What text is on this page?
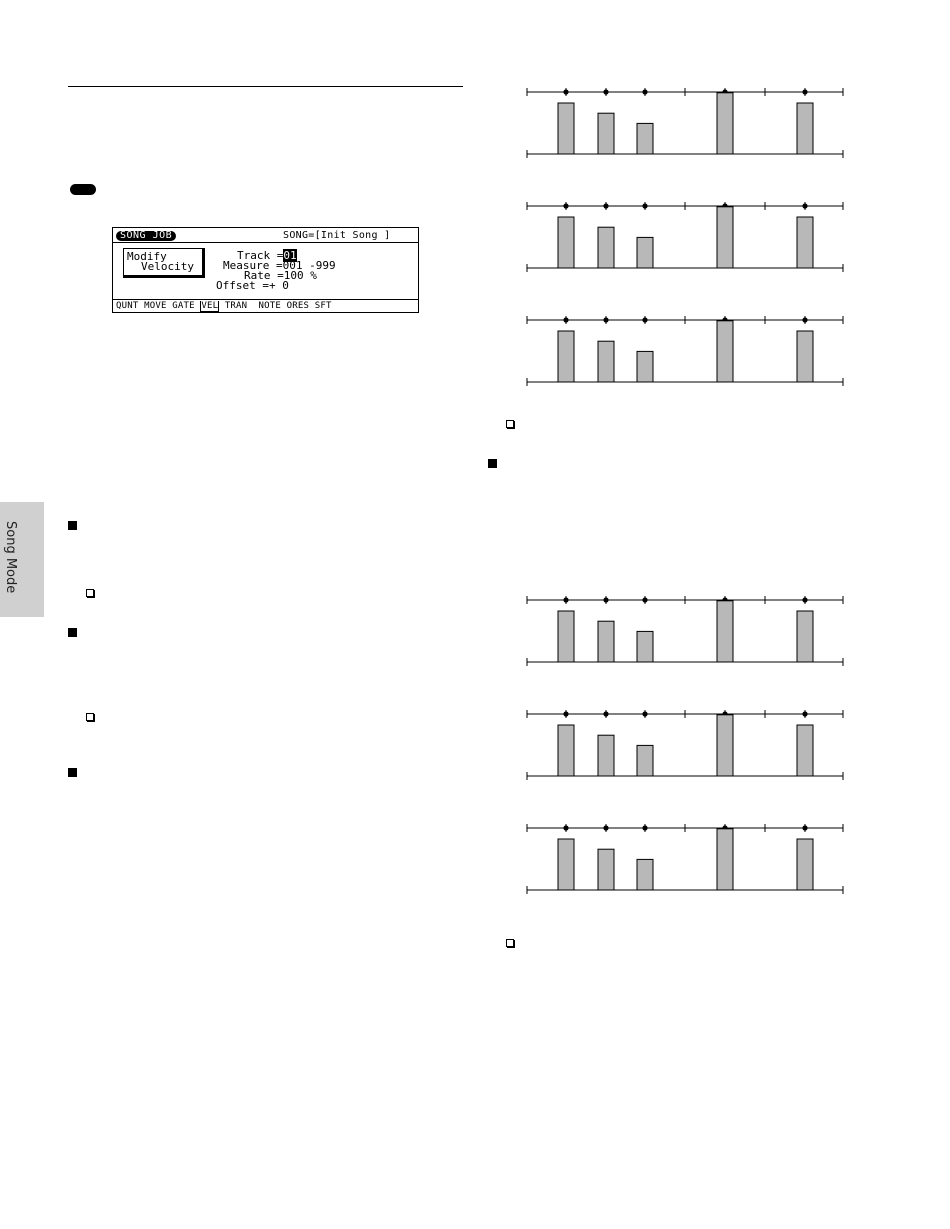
SONG JOB	SONG=[Init Song ]
Modify
Velocity
Track =01
Measure =001 -999
Rate =100 %
Offset =+ 0
QUNT MOVE GATE VEL TRAN NOTE ORES SFT
Song Mode
